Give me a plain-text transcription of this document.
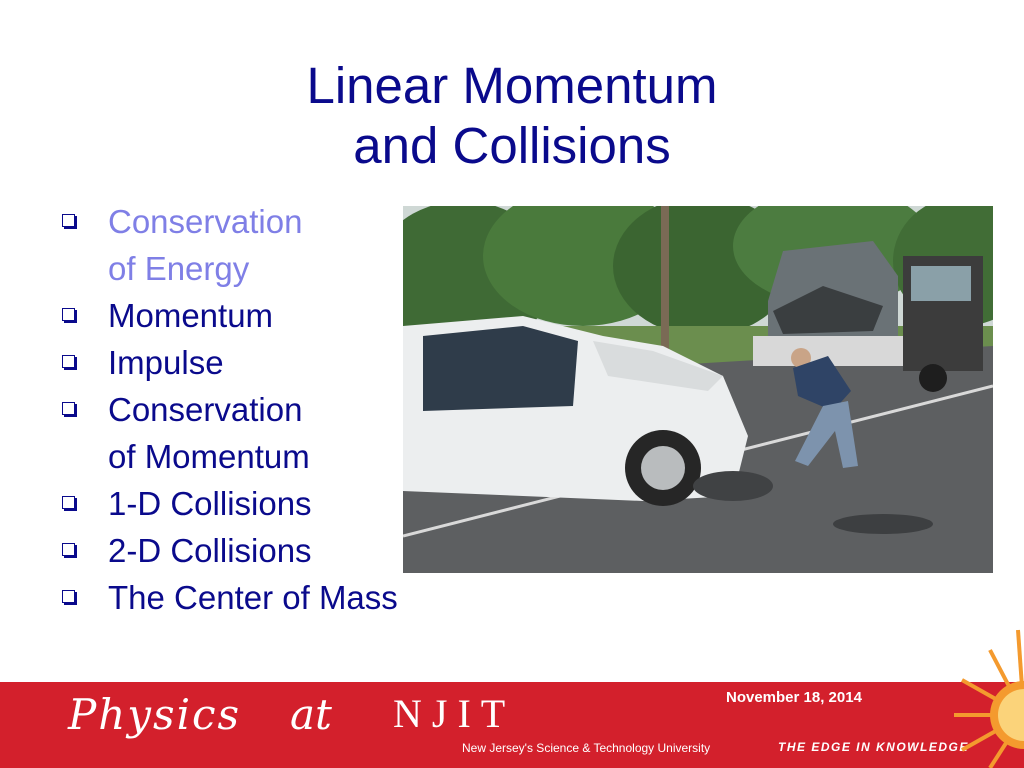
Linear Momentum
and Collisions
Conservation
of Energy
Momentum
Impulse
Conservation
of Momentum
1-D Collisions
2-D Collisions
The Center of Mass
Physics at NJIT
New Jersey's Science & Technology University
November 18, 2014
THE EDGE IN KNOWLEDGE
